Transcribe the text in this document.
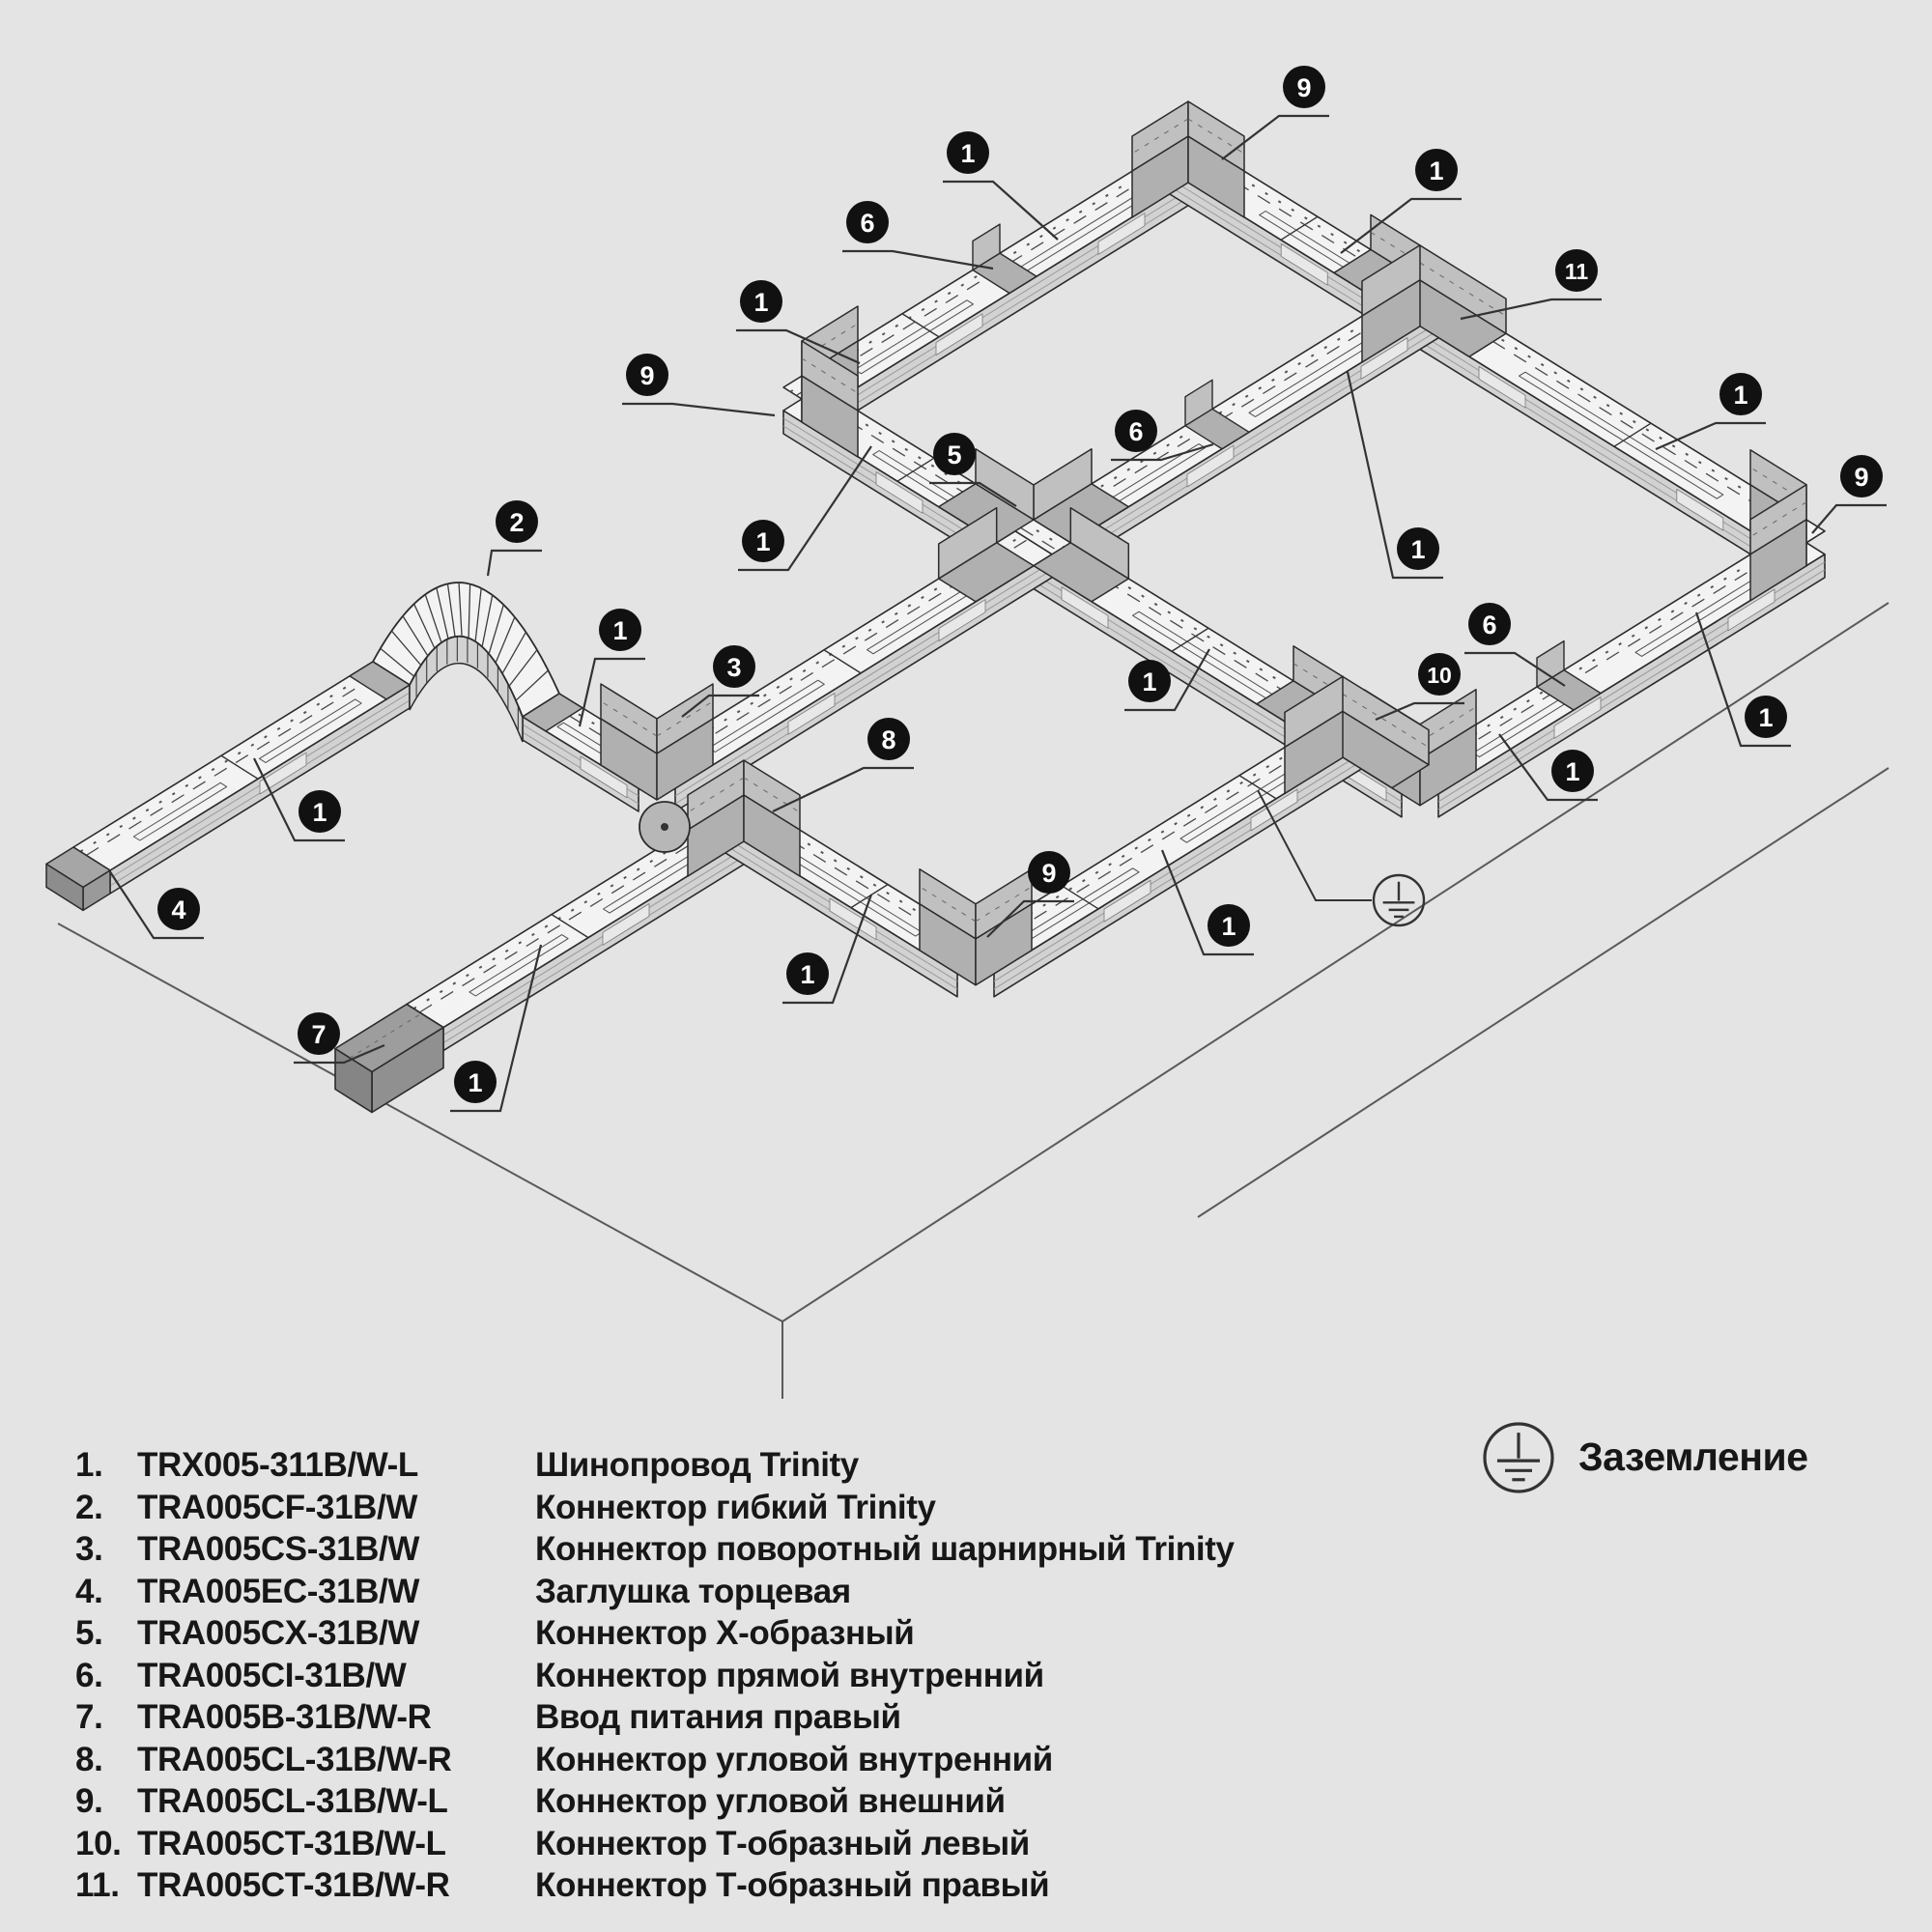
9
1
6
1
9
1
11
1
9
6
1
5
1
1
2
1
3
4
7
1
8
9
1
1
1
1
6
10
1
1. TRX005-311B/W-L	Шинопровод Trinity
2. TRA005CF-31B/W	Коннектор гибкий Trinity
3. TRA005CS-31B/W	Коннектор поворотный шарнирный Trinity
4. TRA005EC-31B/W	Заглушка торцевая
5. TRA005CX-31B/W	Коннектор X-образный
6. TRA005CI-31B/W	Коннектор прямой внутренний
7. TRA005B-31B/W-R	Ввод питания правый
8. TRA005CL-31B/W-R Коннектор угловой внутренний
9. TRA005CL-31B/W-L	Коннектор угловой внешний
10. TRA005CT-31B/W-L	Коннектор Т-образный левый
11. TRA005CT-31B/W-R	Коннектор Т-образный правый
Заземление
